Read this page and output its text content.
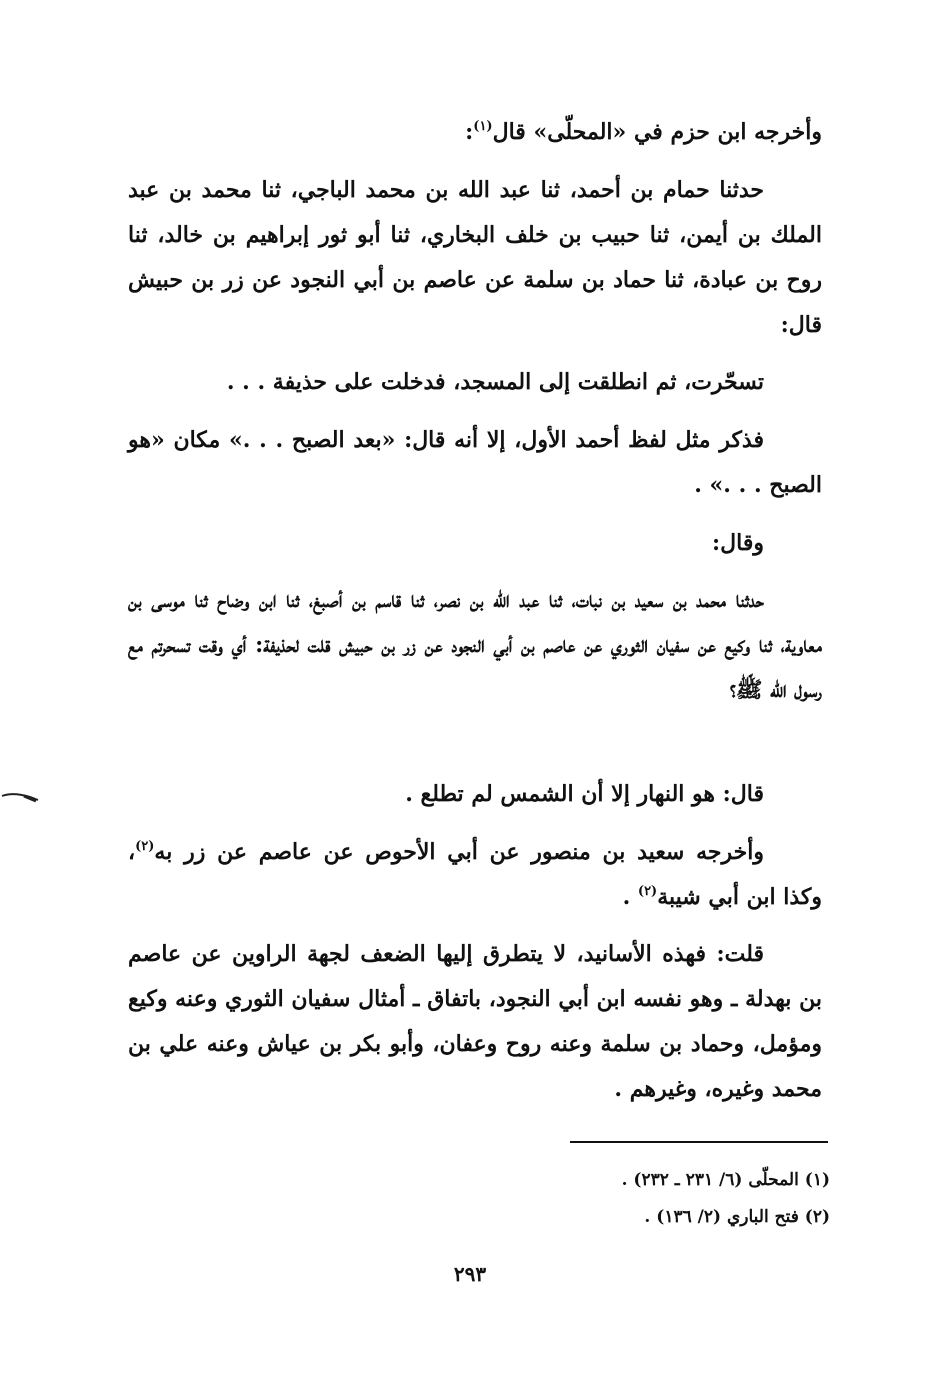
وأخرجه ابن حزم في «المحلّى» قال$^{(١)}$:
حدثنا حمام بن أحمد، ثنا عبد الله بن محمد الباجي، ثنا محمد بن عبد الملك بن أيمن، ثنا حبيب بن خلف البخاري، ثنا أبو ثور إبراهيم بن خالد، ثنا روح بن عبادة، ثنا حماد بن سلمة عن عاصم بن أبي النجود عن زر بن حبيش قال:
تسحّرت، ثم انطلقت إلى المسجد، فدخلت على حذيفة . . .
فذكر مثل لفظ أحمد الأول، إلا أنه قال: «بعد الصبح . . .» مكان «هو الصبح . . .» .
وقال:
حدثنا محمد بن سعيد بن نبات، ثنا عبد الله بن نصر، ثنا قاسم بن أصبغ، ثنا ابن وضاح ثنا موسى بن معاوية، ثنا وكيع عن سفيان الثوري عن عاصم بن أبي النجود عن زر بن حبيش قلت لحذيفة: أي وقت تسحرتم مع رسول الله ﷺ؟
قال: هو النهار إلا أن الشمس لم تطلع .
وأخرجه سعيد بن منصور عن أبي الأحوص عن عاصم عن زر به$^{(٢)}$، وكذا ابن أبي شيبة$^{(٢)}$ .
قلت: فهذه الأسانيد، لا يتطرق إليها الضعف لجهة الراوين عن عاصم بن بهدلة ـ وهو نفسه ابن أبي النجود، باتفاق ـ أمثال سفيان الثوري وعنه وكيع ومؤمل، وحماد بن سلمة وعنه روح وعفان، وأبو بكر بن عياش وعنه علي بن محمد وغيره، وغيرهم .
(١) المحلّى (٦/ ٢٣١ ـ ٢٣٢) .
(٢) فتح الباري (٢/ ١٣٦) .
٢٩٣
